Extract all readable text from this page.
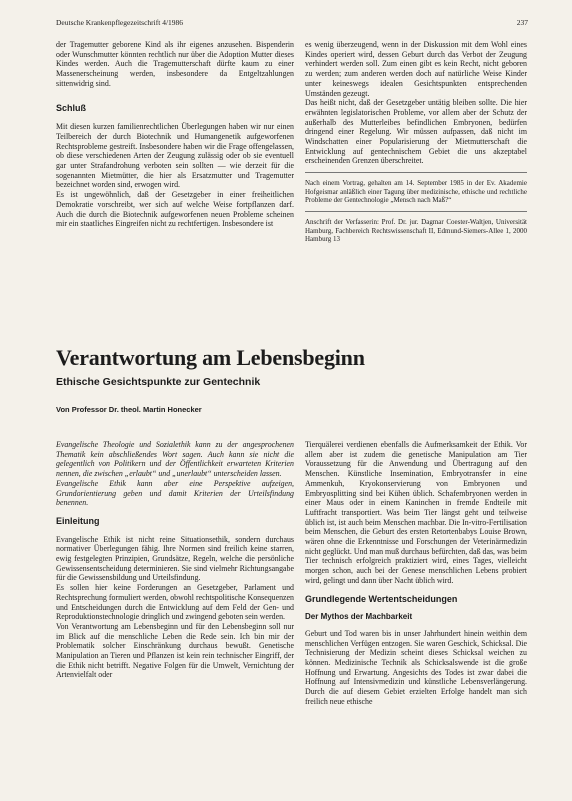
Deutsche Krankenpflegezeitschrift 4/1986	237

der Tragemutter geborene Kind als ihr eigenes anzusehen. Bispenderin oder Wunschmutter könnten rechtlich nur über die Adoption Mutter dieses Kindes werden. Auch die Tragemutterschaft dürfte kaum zu einer Massenerscheinung werden, insbesondere da Entgeltzahlungen sittenwidrig sind.

Schluß

Mit diesen kurzen familienrechtlichen Überlegungen haben wir nur einen Teilbereich der durch Biotechnik und Humangenetik aufgeworfenen Rechtsprobleme gestreift. Insbesondere haben wir die Frage offengelassen, ob diese verschiedenen Arten der Zeugung zulässig oder ob sie eventuell gar unter Strafandrohung verboten sein sollten — wie derzeit für die sogenannten Mietmütter, die hier als Ersatzmutter und Tragemutter bezeichnet worden sind, erwogen wird.

Es ist ungewöhnlich, daß der Gesetzgeber in einer freiheitlichen Demokratie vorschreibt, wer sich auf welche Weise fortpflanzen darf. Auch die durch die Biotechnik aufgeworfenen neuen Probleme scheinen mir ein staatliches Eingreifen nicht zu rechtfertigen. Insbesondere ist

es wenig überzeugend, wenn in der Diskussion mit dem Wohl eines Kindes operiert wird, dessen Geburt durch das Verbot der Zeugung verhindert werden soll. Zum einen gibt es kein Recht, nicht geboren zu werden; zum anderen werden doch auf natürliche Weise Kinder unter keineswegs idealen Gesichtspunkten entsprechenden Umständen gezeugt.

Das heißt nicht, daß der Gesetzgeber untätig bleiben sollte. Die hier erwähnten legislatorischen Probleme, vor allem aber der Schutz der außerhalb des Mutterleibes befindlichen Embryonen, bedürfen dringend einer Regelung. Wir müssen aufpassen, daß nicht im Windschatten einer Popularisierung der Mietmutterschaft die Entwicklung auf gentechnischem Gebiet die uns akzeptabel erscheinenden Grenzen überschreitet.

Nach einem Vortrag, gehalten am 14. September 1985 in der Ev. Akademie Hofgeismar anläßlich einer Tagung über medizinische, ethische und rechtliche Probleme der Gentechnologie „Mensch nach Maß?“

Anschrift der Verfasserin: Prof. Dr. jur. Dagmar Coester-Waltjen, Universität Hamburg, Fachbereich Rechtswissenschaft II, Edmund-Siemers-Allee 1, 2000 Hamburg 13

Verantwortung am Lebensbeginn
Ethische Gesichtspunkte zur Gentechnik
Von Professor Dr. theol. Martin Honecker

Evangelische Theologie und Sozialethik kann zu der angesprochenen Thematik kein abschließendes Wort sagen. Auch kann sie nicht die gelegentlich von Politikern und der Öffentlichkeit erwarteten Kriterien nennen, die zwischen „erlaubt“ und „unerlaubt“ unterscheiden lassen.

Evangelische Ethik kann aber eine Perspektive aufzeigen, Grundorientierung geben und damit Kriterien der Urteilsfindung benennen.

Einleitung

Evangelische Ethik ist nicht reine Situationsethik, sondern durchaus normativer Überlegungen fähig. Ihre Normen sind freilich keine starren, ewig festgelegten Prinzipien, Grundsätze, Regeln, welche die persönliche Gewissensentscheidung determinieren. Sie sind vielmehr Richtungsangabe für die Gewissensbildung und Urteilsfindung.

Es sollen hier keine Forderungen an Gesetzgeber, Parlament und Rechtsprechung formuliert werden, obwohl rechtspolitische Konsequenzen und Entscheidungen durch die Entwicklung auf dem Feld der Gen- und Reproduktionstechnologie dringlich und zwingend geboten sein werden.

Von Verantwortung am Lebensbeginn und für den Lebensbeginn soll nur im Blick auf die menschliche Leben die Rede sein. Ich bin mir der Problematik solcher Einschränkung durchaus bewußt. Genetische Manipulation an Tieren und Pflanzen ist kein rein technischer Eingriff, der die Ethik nicht betrifft. Negative Folgen für die Umwelt, Vernichtung der Artenvielfalt oder

Tierquälerei verdienen ebenfalls die Aufmerksamkeit der Ethik. Vor allem aber ist zudem die genetische Manipulation am Tier Voraussetzung für die Anwendung und Übertragung auf den Menschen. Künstliche Insemination, Embryotransfer in eine Ammenkuh, Kryokonservierung von Embryonen und Embryosplitting sind bei Kühen üblich. Schafembryonen werden in einer Maus oder in einem Kaninchen in fremde Endteile mit Luftfracht transportiert. Was beim Tier längst geht und teilweise üblich ist, ist auch beim Menschen machbar. Die In-vitro-Fertilisation beim Menschen, die Geburt des ersten Retortenbabys Louise Brown, wären ohne die Erkenntnisse und Forschungen der Veterinärmedizin nicht geglückt. Und man muß durchaus befürchten, daß das, was beim Tier technisch erfolgreich praktiziert wird, eines Tages, vielleicht morgen schon, auch bei der Genese menschlichen Lebens probiert wird, gelingt und dann über Nacht üblich wird.

Grundlegende Wertentscheidungen
Der Mythos der Machbarkeit

Geburt und Tod waren bis in unser Jahrhundert hinein weithin dem menschlichen Verfügen entzogen. Sie waren Geschick, Schicksal. Die Technisierung der Medizin scheint dieses Schicksal weichen zu können. Medizinische Technik als Schicksalswende ist die große Hoffnung und Erwartung. Angesichts des Todes ist zwar dabei die Hoffnung auf Intensivmedizin und künstliche Lebensverlängerung. Durch die auf diesem Gebiet erzielten Erfolge handelt man sich freilich neue ethische
